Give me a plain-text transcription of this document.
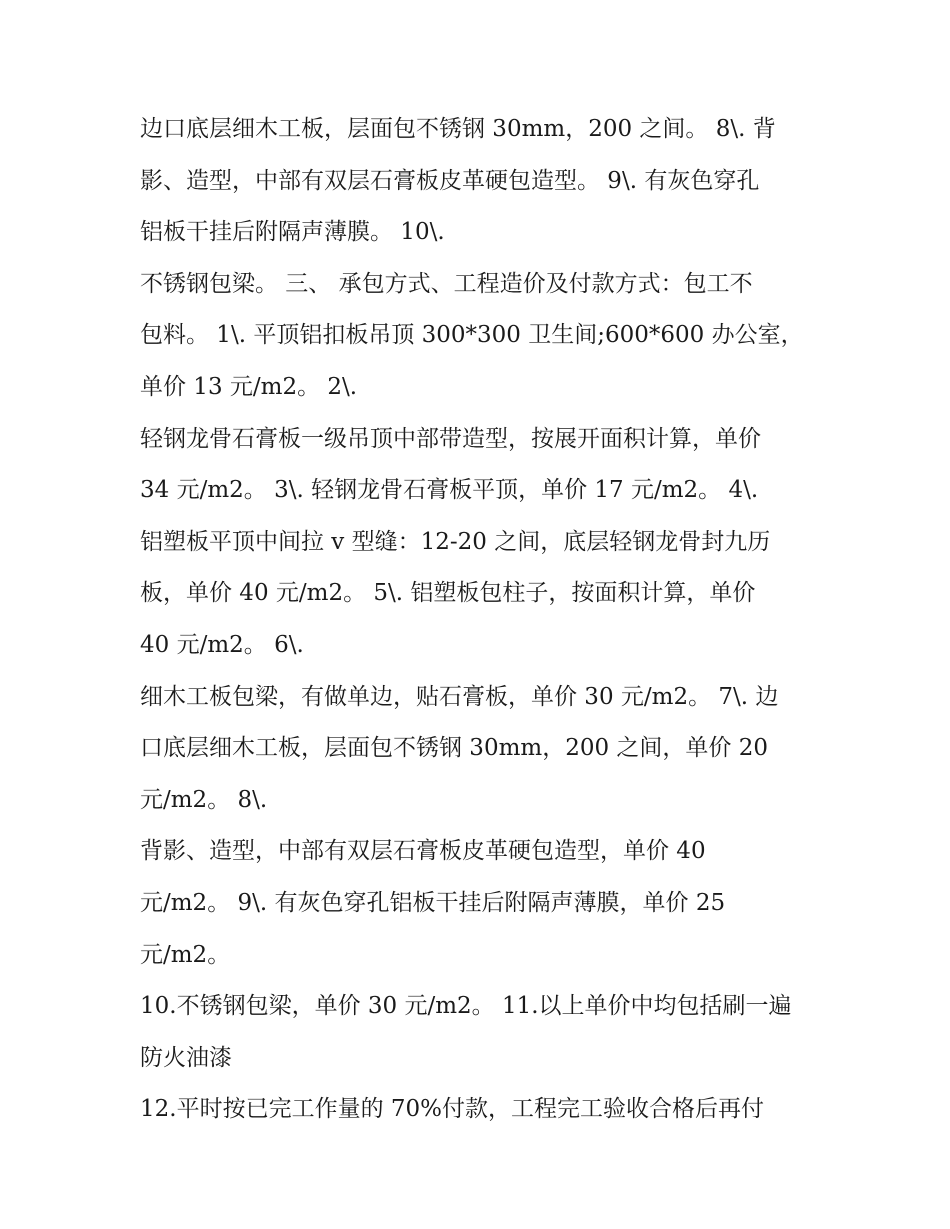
边口底层细木工板，层面包不锈钢 30mm，200 之间。 8\. 背
影、造型，中部有双层石膏板皮革硬包造型。 9\. 有灰色穿孔
铝板干挂后附隔声薄膜。 10\.
不锈钢包梁。 三、 承包方式、工程造价及付款方式：包工不
包料。 1\. 平顶铝扣板吊顶 300*300 卫生间;600*600 办公室，
单价 13 元/m2。 2\.
轻钢龙骨石膏板一级吊顶中部带造型，按展开面积计算，单价
34 元/m2。 3\. 轻钢龙骨石膏板平顶，单价 17 元/m2。 4\.
铝塑板平顶中间拉 v 型缝：12-20 之间，底层轻钢龙骨封九历
板，单价 40 元/m2。 5\. 铝塑板包柱子，按面积计算，单价
40 元/m2。 6\.
细木工板包梁，有做单边，贴石膏板，单价 30 元/m2。 7\. 边
口底层细木工板，层面包不锈钢 30mm，200 之间，单价 20
元/m2。 8\.
背影、造型，中部有双层石膏板皮革硬包造型，单价 40
元/m2。 9\. 有灰色穿孔铝板干挂后附隔声薄膜，单价 25
元/m2。
10.不锈钢包梁，单价 30 元/m2。 11.以上单价中均包括刷一遍
防火油漆
12.平时按已完工作量的 70%付款，工程完工验收合格后再付
